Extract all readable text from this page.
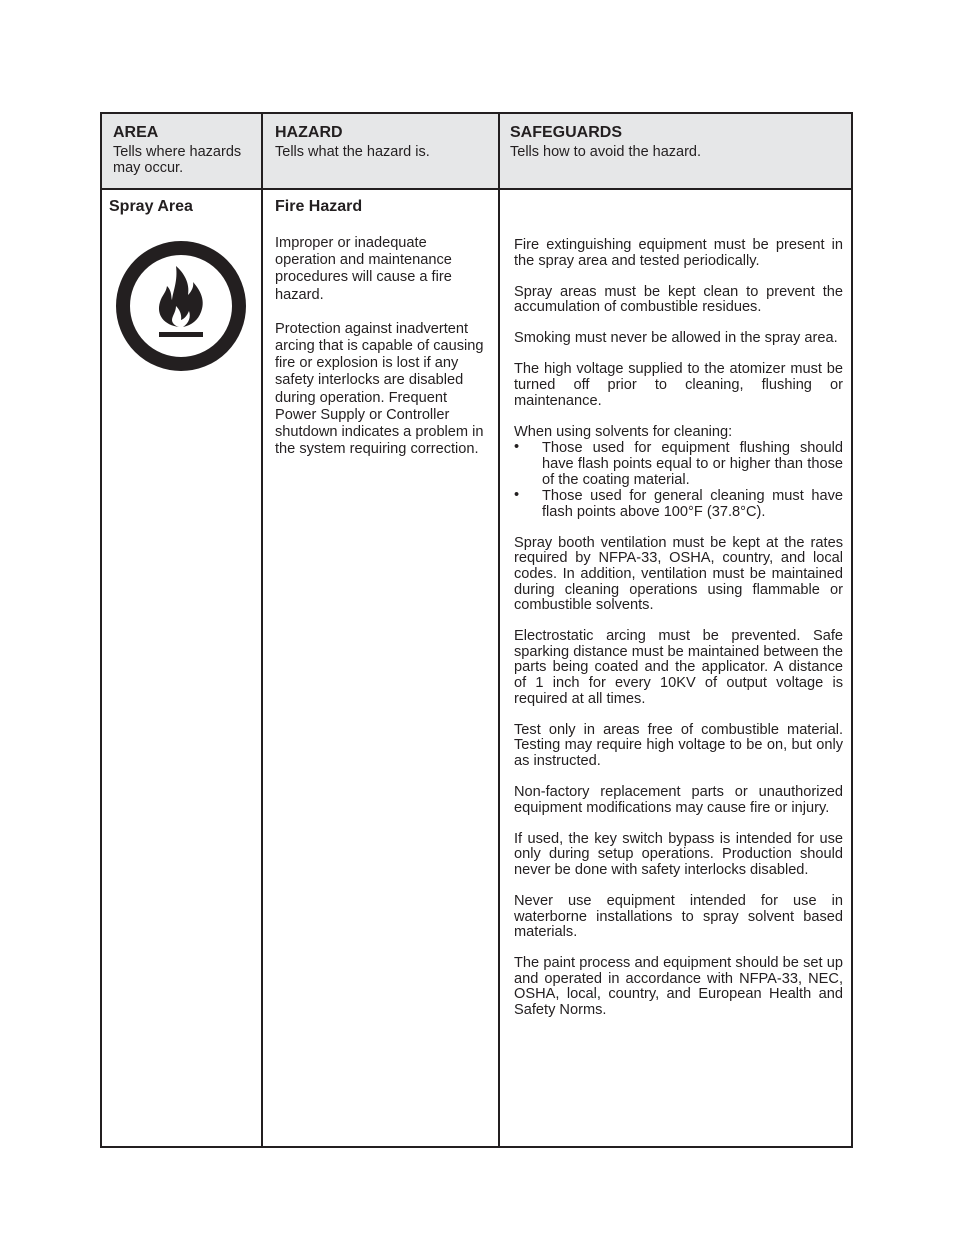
AREA
Tells where hazards
may occur.
HAZARD
Tells what the hazard is.
SAFEGUARDS
Tells how to avoid the hazard.
Spray Area	Fire Hazard

Improper or inadequate operation and maintenance procedures will cause a fire hazard.

Protection against inadvertent arcing that is capable of causing fire or explosion is lost if any safety interlocks are disabled during operation. Frequent Power Supply or Controller shutdown indicates a problem in the system requiring correction.

Fire extinguishing equipment must be present in the spray area and tested periodically.

Spray areas must be kept clean to prevent the accumulation of combustible residues.

Smoking must never be allowed in the spray area.

The high voltage supplied to the atomizer must be turned off prior to cleaning, flushing or maintenance.

When using solvents for cleaning:

• Those used for equipment flushing should have flash points equal to or higher than those of the coating material.
• Those used for general cleaning must have flash points above 100°F (37.8°C).

Spray booth ventilation must be kept at the rates required by NFPA-33, OSHA, country, and local codes. In addition, ventilation must be maintained during cleaning operations using flammable or combustible solvents.

Electrostatic arcing must be prevented. Safe sparking distance must be maintained between the parts being coated and the applicator. A distance of 1 inch for every 10KV of output voltage is required at all times.

Test only in areas free of combustible material. Testing may require high voltage to be on, but only as instructed.

Non-factory replacement parts or unauthorized equipment modifications may cause fire or injury.

If used, the key switch bypass is intended for use only during setup operations. Production should never be done with safety interlocks disabled.

Never use equipment intended for use in waterborne installations to spray solvent based materials.

The paint process and equipment should be set up and operated in accordance with NFPA-33, NEC, OSHA, local, country, and European Health and Safety Norms.
